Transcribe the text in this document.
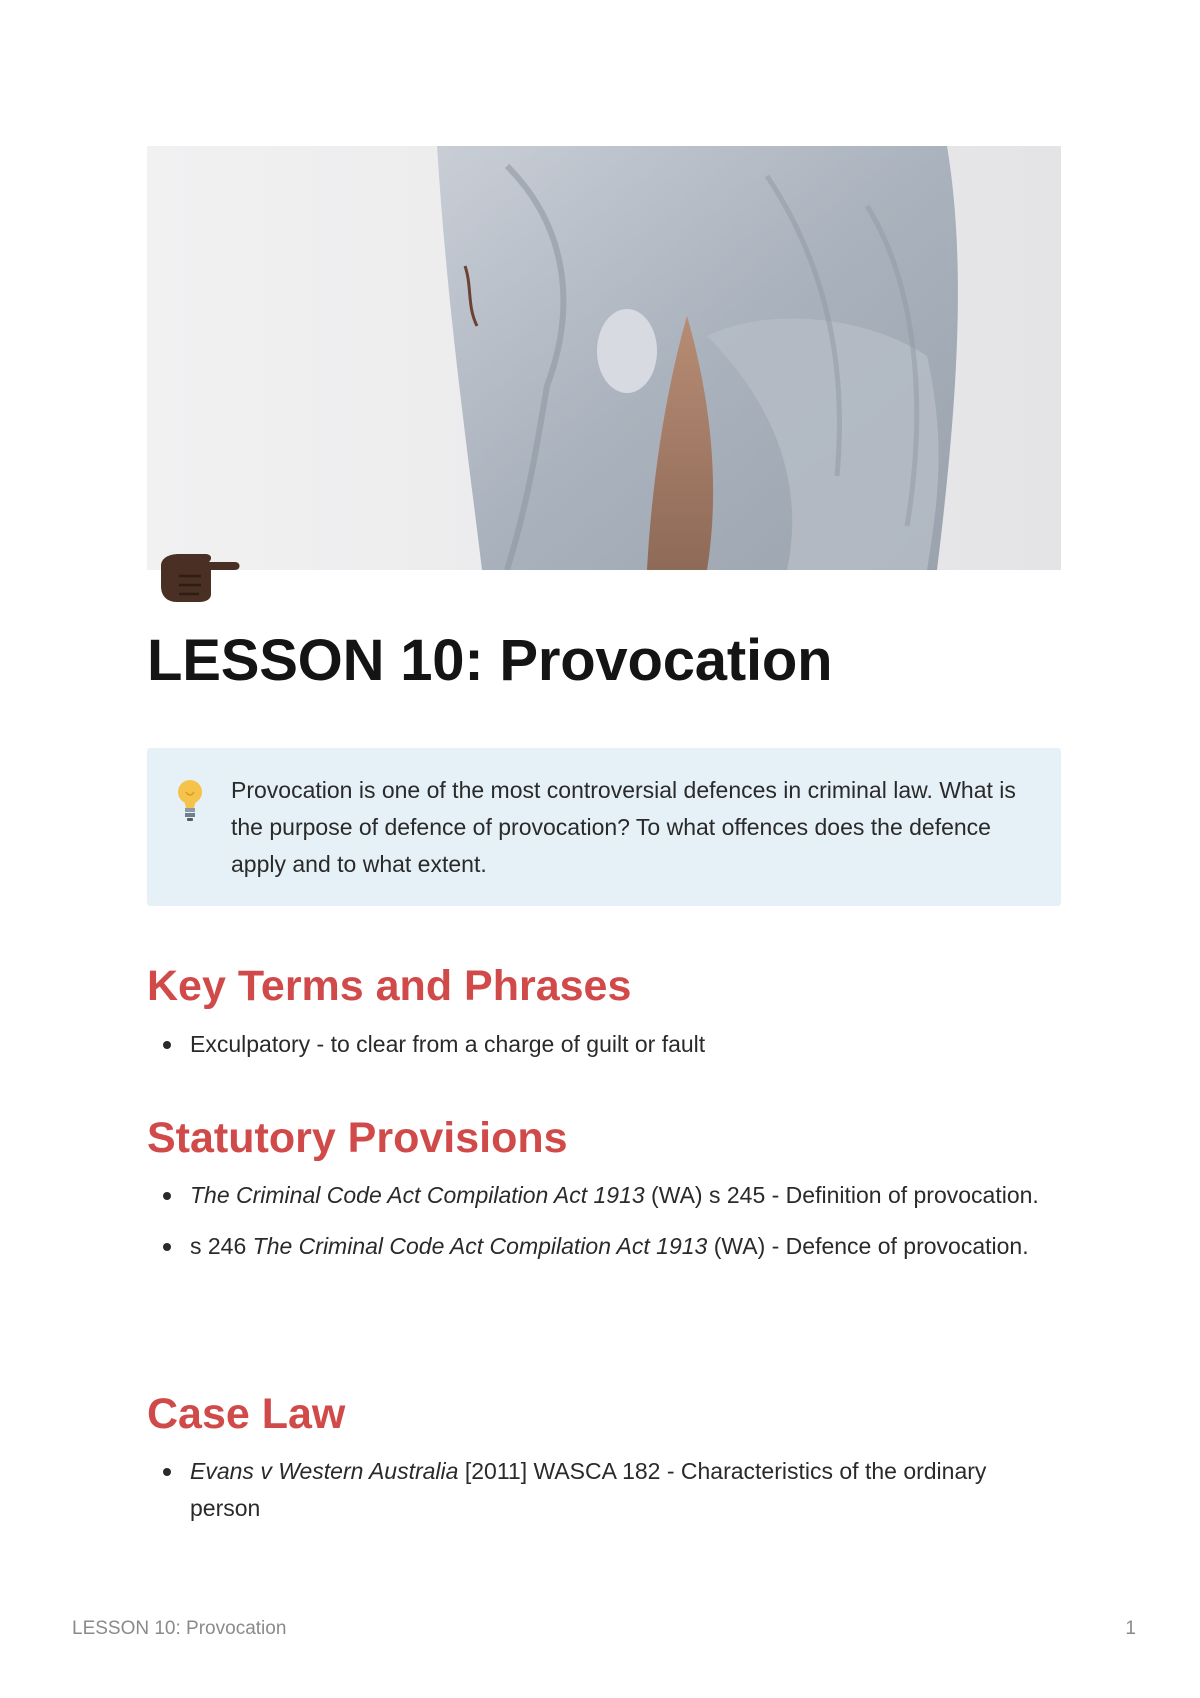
LESSON 10: Provocation

Provocation is one of the most controversial defences in criminal law. What is the purpose of defence of provocation? To what offences does the defence apply and to what extent.

Key Terms and Phrases
Exculpatory - to clear from a charge of guilt or fault
Statutory Provisions
The Criminal Code Act Compilation Act 1913 (WA) s 245 - Definition of provocation.
s 246 The Criminal Code Act Compilation Act 1913 (WA) - Defence of provocation.
Case Law
Evans v Western Australia [2011] WASCA 182 - Characteristics of the ordinary person
LESSON 10: Provocation	1
